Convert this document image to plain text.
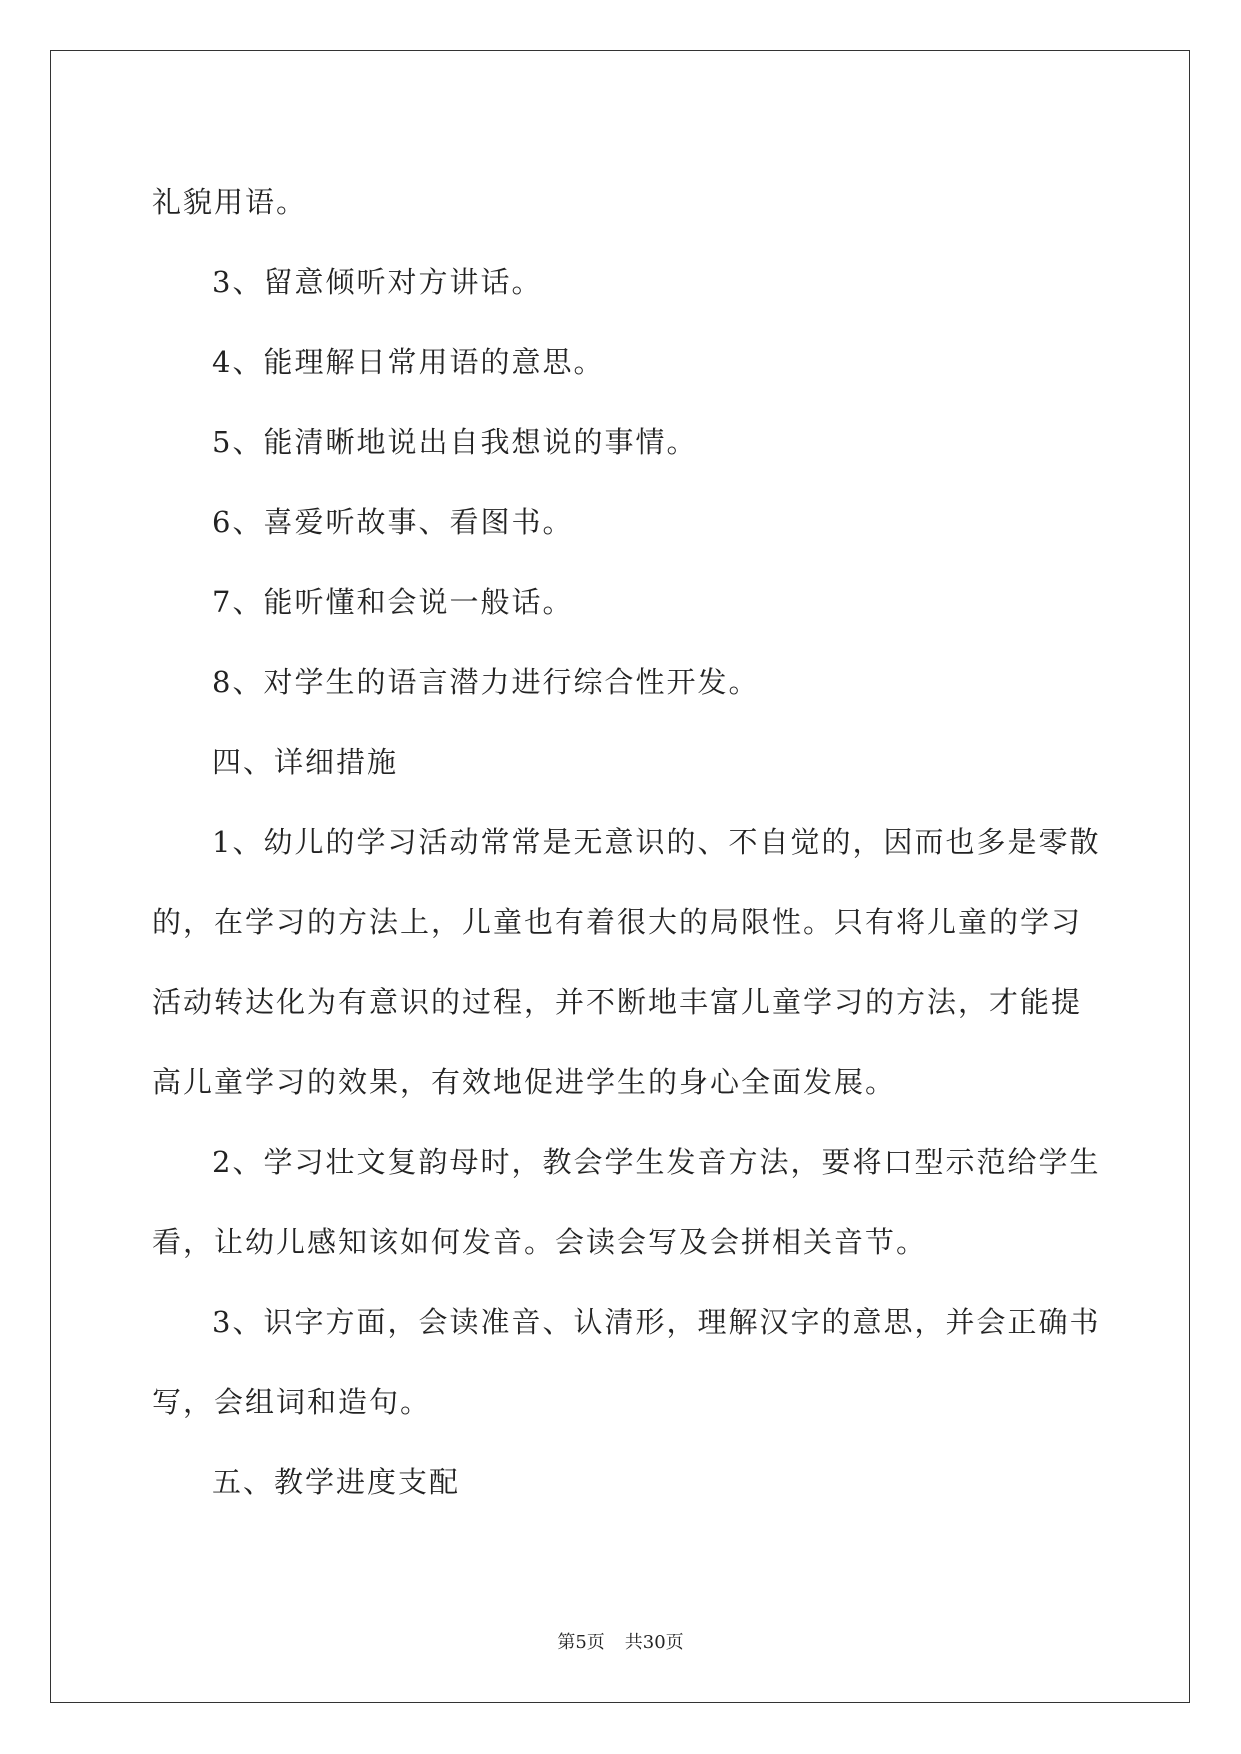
礼貌用语。
3、留意倾听对方讲话。
4、能理解日常用语的意思。
5、能清晰地说出自我想说的事情。
6、喜爱听故事、看图书。
7、能听懂和会说一般话。
8、对学生的语言潜力进行综合性开发。
四、详细措施
1、幼儿的学习活动常常是无意识的、不自觉的，因而也多是零散
的，在学习的方法上，儿童也有着很大的局限性。只有将儿童的学习
活动转达化为有意识的过程，并不断地丰富儿童学习的方法，才能提
高儿童学习的效果，有效地促进学生的身心全面发展。
2、学习壮文复韵母时，教会学生发音方法，要将口型示范给学生
看，让幼儿感知该如何发音。会读会写及会拼相关音节。
3、识字方面，会读准音、认清形，理解汉字的意思，并会正确书
写，会组词和造句。
五、教学进度支配
第5页 共30页
